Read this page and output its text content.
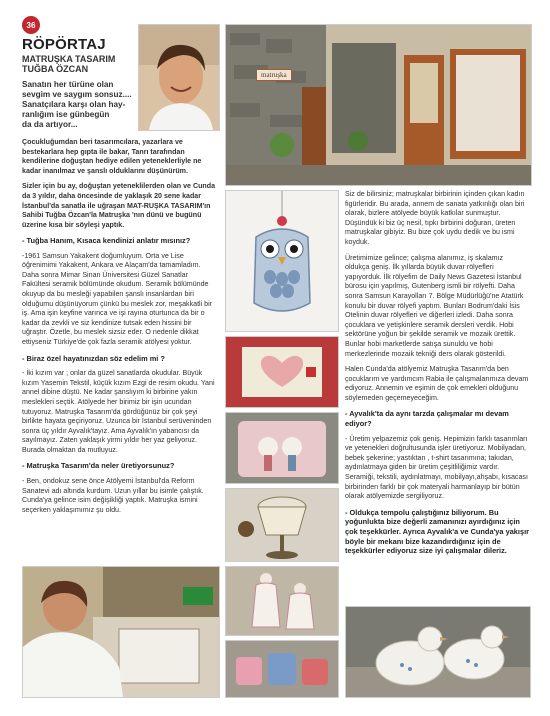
36
RÖPÖRTAJ
MATRUŞKA TASARIM
TUĞBA ÖZCAN
Sanatın her türüne olan
sevgim ve saygım sonsuz....
Sanatçılara karşı olan hay-
ranlığım ise günbegün
da da artıyor...

Çocukluğumdan beri tasarımcılara, yazarlara ve bestekarlara hep gıpta ile bakar, Tanrı tarafından kendilerine doğuştan hediye edilen yeteneklerliyle ne kadar inanılmaz ve şanslı olduklarını düşünürüm.

Sizler için bu ay, doğuştan yeteneklilerden olan ve Cunda da 3 yıldır, daha öncesinde de yaklaşık 20 sene kadar İstanbul'da sanatla ile uğraşan MAT-RUŞKA TASARIM'ın Sahibi Tuğba Özcan'la Matruşka 'nın dünü ve bugünü üzerine kısa bir söyleşi yaptık.

- Tuğba Hanım, Kısaca kendinizi anlatır mısınız?

-1961 Samsun Yakakent doğumluyum. Orta ve Lise öğrenimimi Yakakent, Ankara ve Alaçam'da tamamladım. Daha sonra Mimar Sinan Üniversitesi Güzel Sanatlar Fakültesi seramik bölümünde okudum. Seramik bölümünde okuyup da bu mesleği yapabilen şanslı insanlardan biri olduğumu düşünüyorum çünkü bu meslek zor, meşakkatli bir iş. Ama işin keyfine varınca ve işi rayına oturtunca da bir o kadar da zevkli ve siz kendinize tutsak eden hissini bir uğraştır. Özetle, bu meslek sizsiz eder. O nedenle dikkat ettiyseniz Türkiye'de çok fazla seramik atölyesi yoktur.

- Biraz özel hayatınızdan söz edelim mi ?

- İki kızım var ; onlar da güzel sanatlarda okudular. Büyük kızım Yasemin Tekstil, küçük kızım Ezgi de resim okudu. Yani annel dibine düştü. Ne kadar şanslıyım ki birbirine yakın meslekleri seçtik. Atölyede her birimiz bir işin ucundan tutuyoruz. Matruşka Tasarım'da gördüğünüz bir çok şeyi birlikte hayata geçiriyoruz. Uzunca bir İstanbul serüveninden sonra üç yıldır Ayvalık'tayız. Ama Ayvalık'ın yabancısı da sayılmayız. Zaten yaklaşık yirmi yıldır her yaz geliyoruz. Burada olmaktan da mutluyuz.

- Matruşka Tasarım'da neler üretiyorsunuz?

- Ben, ondokuz sene önce Atölyemi İstanbul'da Reform Sanatevi adı altında kurdum. Uzun yıllar bu isimle çalıştık. Cunda'ya gelince isim değişikliği yaptık. Matruşka ismini seçerken yaklaşımımız şu oldu.

matruşka

Siz de bilirsiniz; matruşkalar birbirinin içinden çıkan kadın figürleridir. Bu arada, annem de sanata yatkınlığı olan biri olarak, bizlere atölyede büyük katkılar sunmuştur. Düşündük ki biz üç nesil, tıpkı birbirini doğuran, üreten matruşkalar gibiyiz. Bu bize çok uydu dedik ve bu ismi koyduk.

Üretimimize gelince; çalışma alanımız, iş skalamız oldukça geniş. İlk yıllarda büyük duvar rölyefleri yapıyorduk. İlk rölyefim de Daily News Gazetesi İstanbul bürosu için yapılmış, Gutenberg ismli bir rölyefti. Daha sonra Samsun Karayolları 7. Bölge Müdürlüğü'ne Atatürk konulu bir duvar rölyefi yaptım. Bunları Bodrum'daki İsis Otelinin duvar rölyefleri ve diğerleri izledi. Daha sonra çocuklara ve yetişkinlere seramik dersleri verdik. Hobi sektörüne yoğun bir şekilde seramik ve mozaik ürettik. Bunlar hobi marketlerde satışa sunuldu ve hobi merkezlerinde mozaik tekniği ders olarak gösterildi.

Halen Cunda'da atölyemiz Matruşka Tasarım'da ben çocuklarım ve yardımcım Rabia ile çalışmalarımıza devam ediyoruz. Annemin ve eşimin de çok emekleri olduğunu söylemeden geçemeyeceğim.

- Ayvalık'ta da aynı tarzda çalışmalar mı devam ediyor?

- Üretim yelpazemiz çok geniş. Hepimizin farklı tasarımları ve yetenekleri doğrultusunda işler üretiyoruz. Mobilyadan, bebek şekerine; yastıktan , t-shirt tasarımına; takıdan, aydınlatmaya giden bir üretim çeşitliliğimiz vardır. Seramiği, tekstili, aydınlatmayı, mobilyayı,ahşabı, kısacası birbirinden farklı bir çok materyali harmanlayıp bir bütün olarak atölyemizde sergiliyoruz.

- Oldukça tempolu çalıştığınız biliyorum. Bu yoğunlukta bize değerli zamanınızı ayırdığınız için çok teşekkürler. Ayrıca Ayvalık'a ve Cunda'ya yakışır böyle bir mekanı bize kazandırdığınız için de teşekkürler ediyoruz size iyi çalışmalar dileriz.
